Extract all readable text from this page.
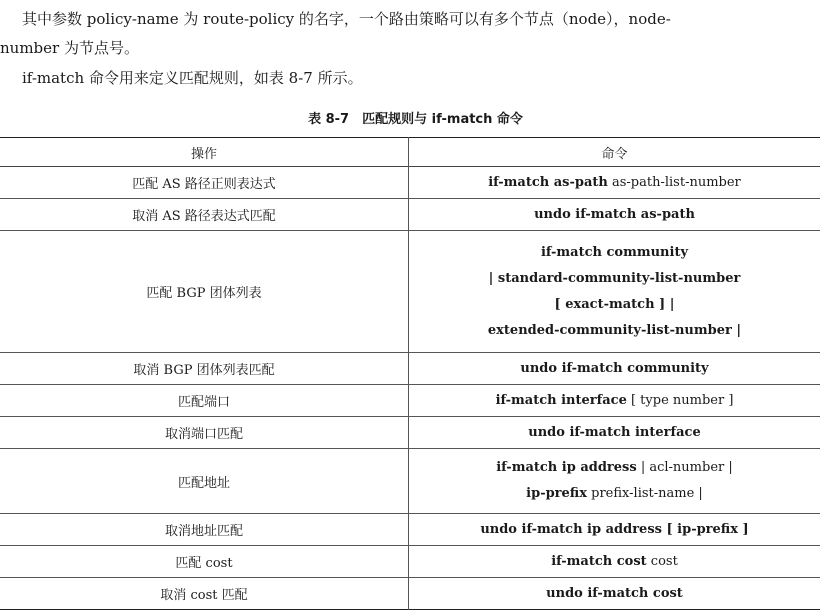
其中参数 policy-name 为 route-policy 的名字，一个路由策略可以有多个节点（node），node-
number 为节点号。
if-match 命令用来定义匹配规则，如表 8-7 所示。
表 8-7　匹配规则与 if-match 命令
操作	命令
匹配 AS 路径正则表达式	if-match as-path as-path-list-number
取消 AS 路径表达式匹配	undo if-match as-path
匹配 BGP 团体列表	if-match community
| standard-community-list-number
[ exact-match ] |
extended-community-list-number |

取消 BGP 团体列表匹配	undo if-match community
匹配端口	if-match interface [ type number ]
取消端口匹配	undo if-match interface
匹配地址	if-match ip address | acl-number |
ip-prefix prefix-list-name |

取消地址匹配	undo if-match ip address [ ip-prefix ]
匹配 cost	if-match cost cost
取消 cost 匹配	undo if-match cost
